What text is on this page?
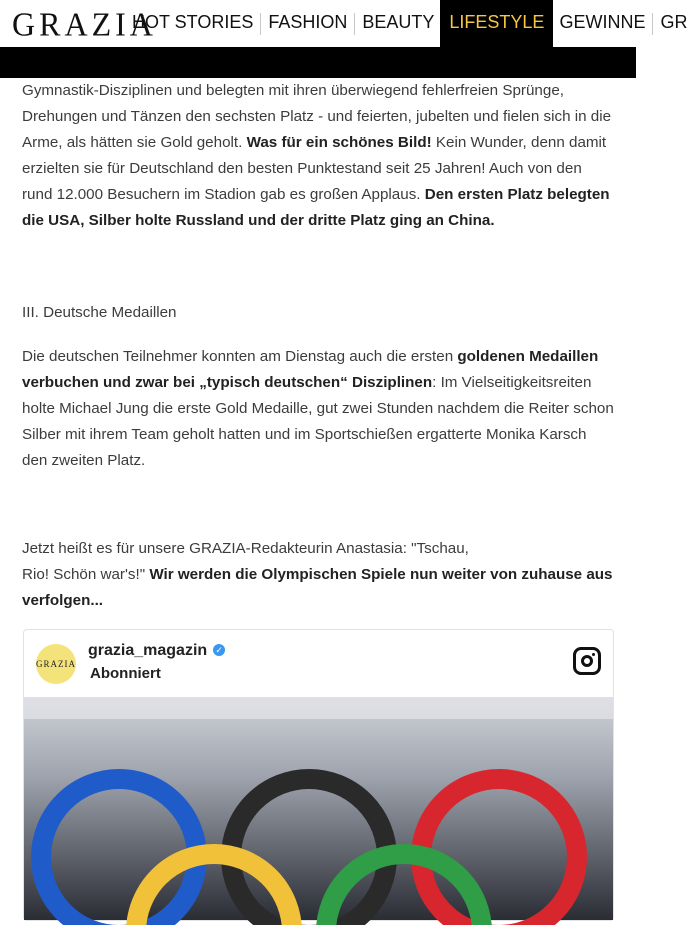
GRAZIA
HOT STORIES FASHION BEAUTY LIFESTYLE GEWINNE GR

Gymnastik-Disziplinen und belegten mit ihren überwiegend fehlerfreien Sprünge, Drehungen und Tänzen den sechsten Platz - und feierten, jubelten und fielen sich in die Arme, als hätten sie Gold geholt. Was für ein schönes Bild! Kein Wunder, denn damit erzielten sie für Deutschland den besten Punktestand seit 25 Jahren! Auch von den rund 12.000 Besuchern im Stadion gab es großen Applaus. Den ersten Platz belegten die USA, Silber holte Russland und der dritte Platz ging an China.

III. Deutsche Medaillen

Die deutschen Teilnehmer konnten am Dienstag auch die ersten goldenen Medaillen verbuchen und zwar bei „typisch deutschen“ Disziplinen: Im Vielseitigkeitsreiten holte Michael Jung die erste Gold Medaille, gut zwei Stunden nachdem die Reiter schon Silber mit ihrem Team geholt hatten und im Sportschießen ergatterte Monika Karsch den zweiten Platz.

Jetzt heißt es für unsere GRAZIA-Redakteurin Anastasia: "Tschau,
Rio! Schön war's!" Wir werden die Olympischen Spiele nun weiter von zuhause aus verfolgen...

GRAZIA
grazia_magazin ✓
Abonniert
